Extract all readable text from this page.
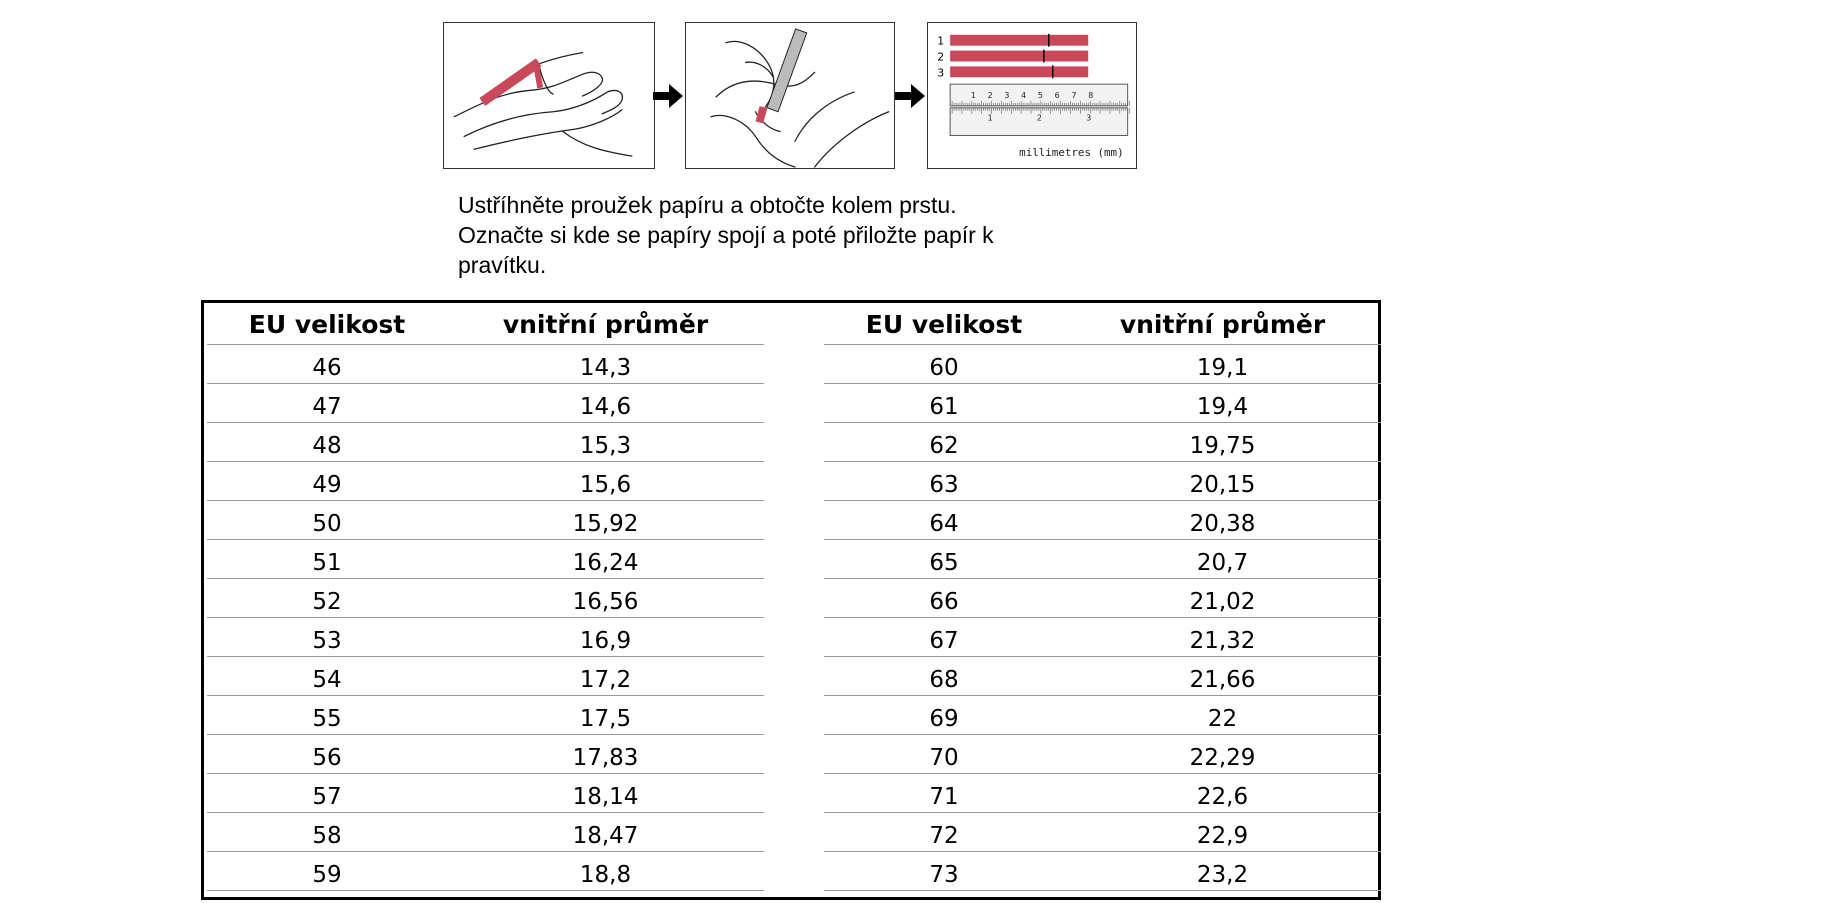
1
2
3
1 2 3 4 5 6 7 8
1	2	3
millimetres (mm)
Ustříhněte proužek papíru a obtočte kolem prstu.
Označte si kde se papíry spojí a poté přiložte papír k
pravítku.
EU velikost	vnitřní průměr
46	14,3
47	14,6
48	15,3
49	15,6
50	15,92
51	16,24
52	16,56
53	16,9
54	17,2
55	17,5
56	17,83
57	18,14
58	18,47
59	18,8
EU velikost	vnitřní průměr
60	19,1
61	19,4
62	19,75
63	20,15
64	20,38
65	20,7
66	21,02
67	21,32
68	21,66
69	22
70	22,29
71	22,6
72	22,9
73	23,2
